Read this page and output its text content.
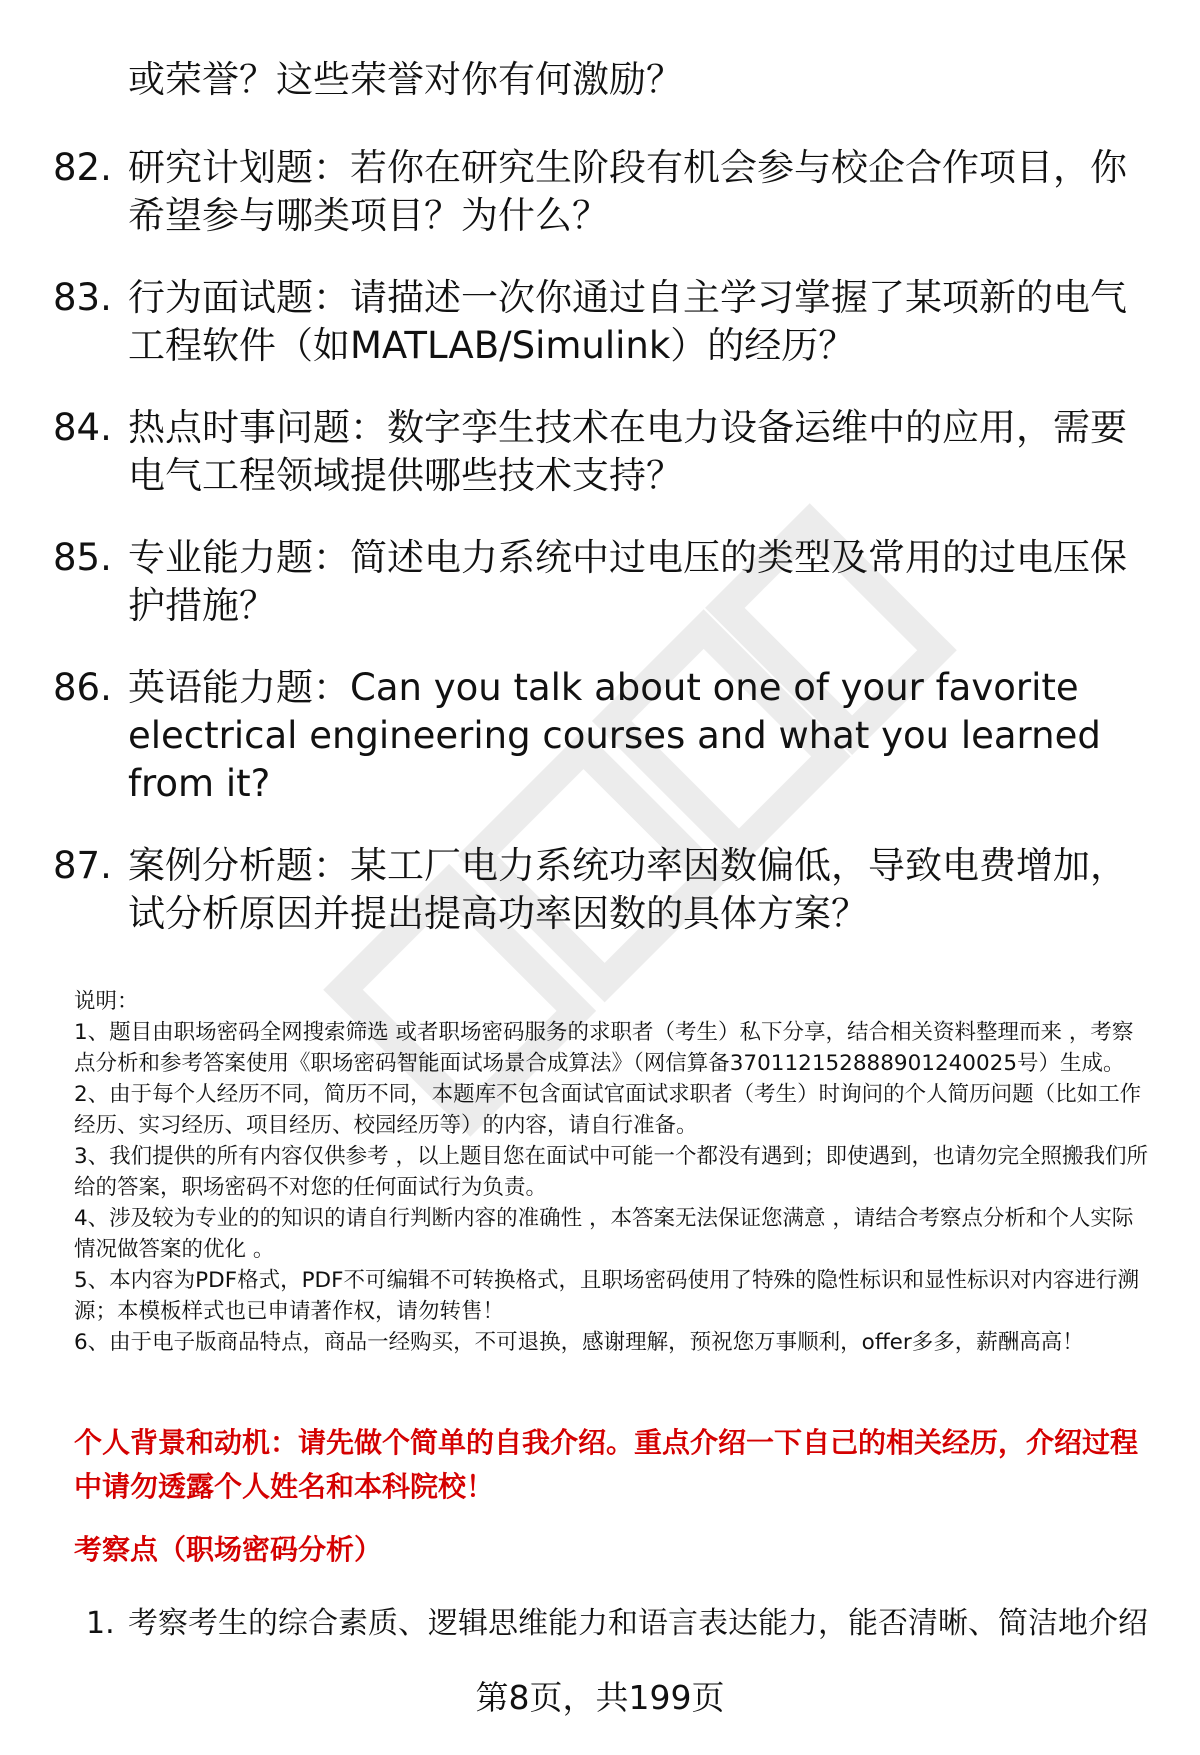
或荣誉？这些荣誉对你有何激励？
82. 研究计划题：若你在研究生阶段有机会参与校企合作项目，你希望参与哪类项目？为什么？
83. 行为面试题：请描述一次你通过自主学习掌握了某项新的电气工程软件（如MATLAB/Simulink）的经历？
84. 热点时事问题：数字孪生技术在电力设备运维中的应用，需要电气工程领域提供哪些技术支持？
85. 专业能力题：简述电力系统中过电压的类型及常用的过电压保护措施？
86. 英语能力题：Can you talk about one of your favorite electrical engineering courses and what you learned from it?
87. 案例分析题：某工厂电力系统功率因数偏低，导致电费增加，试分析原因并提出提高功率因数的具体方案？

说明：

1、题目由职场密码全网搜索筛选 或者职场密码服务的求职者（考生）私下分享，结合相关资料整理而来 ，考察点分析和参考答案使用《职场密码智能面试场景合成算法》（网信算备370112152888901240025号）生成。

2、由于每个人经历不同，简历不同，本题库不包含面试官面试求职者（考生）时询问的个人简历问题（比如工作经历、实习经历、项目经历、校园经历等）的内容，请自行准备。

3、我们提供的所有内容仅供参考 ，以上题目您在面试中可能一个都没有遇到；即使遇到，也请勿完全照搬我们所给的答案，职场密码不对您的任何面试行为负责。

4、涉及较为专业的的知识的请自行判断内容的准确性 ，本答案无法保证您满意 ，请结合考察点分析和个人实际情况做答案的优化 。

5、本内容为PDF格式，PDF不可编辑不可转换格式，且职场密码使用了特殊的隐性标识和显性标识对内容进行溯源；本模板样式也已申请著作权，请勿转售！

6、由于电子版商品特点，商品一经购买，不可退换，感谢理解，预祝您万事顺利，offer多多，薪酬高高！

个人背景和动机：请先做个简单的自我介绍。重点介绍一下自己的相关经历，介绍过程中请勿透露个人姓名和本科院校！
考察点（职场密码分析）
1. 考察考生的综合素质、逻辑思维能力和语言表达能力，能否清晰、简洁地介绍
第8页，共199页
